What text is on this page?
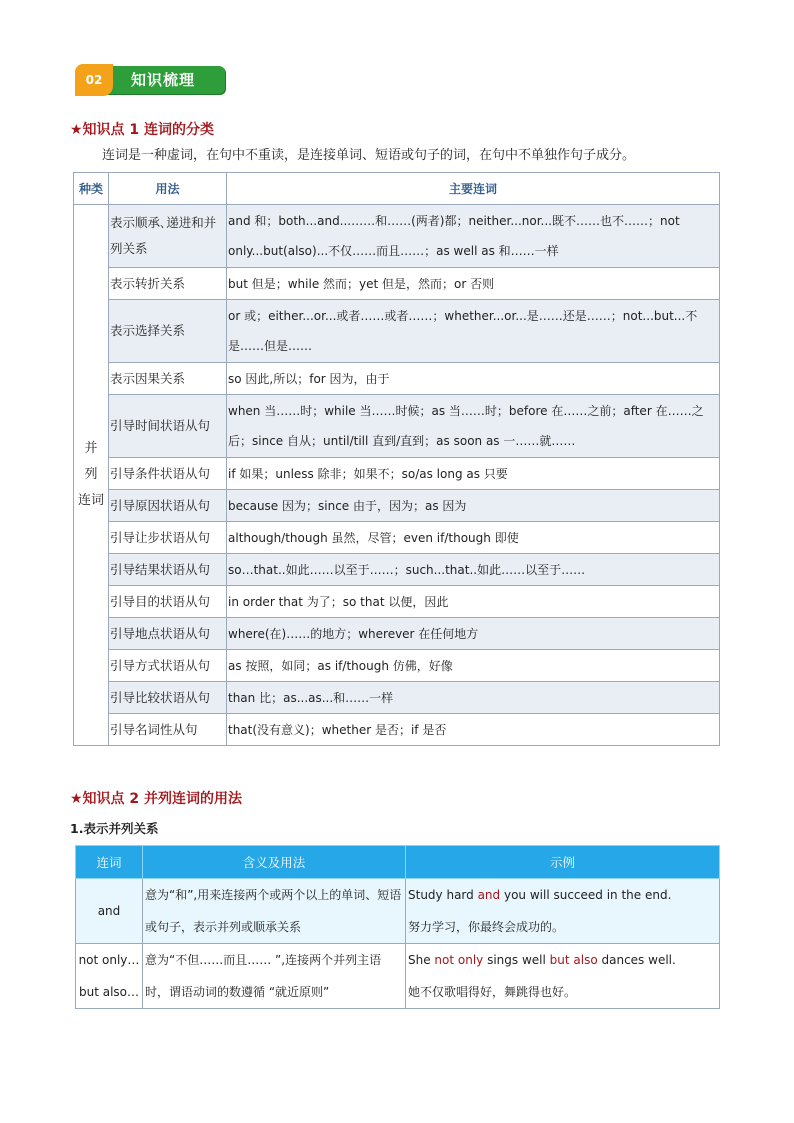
02	知识梳理
★知识点 1 连词的分类
连词是一种虚词，在句中不重读，是连接单词、短语或句子的词，在句中不单独作句子成分。
种类	用法	主要连词

并 列
连词	表示顺承､递进和并列关系	and 和；both...and...……和……(两者)都；neither...nor...既不……也不……；not only...but(also)...不仅……而且……；as well as 和……一样
	表示转折关系	but 但是；while 然而；yet 但是，然而；or 否则
	表示选择关系	or 或；either...or...或者……或者……；whether...or...是……还是……；not...but...不是……但是……
	表示因果关系	so 因此,所以；for 因为，由于
	引导时间状语从句	when 当……时；while 当……时候；as 当……时；before 在……之前；after 在……之后；since 自从；until/till 直到/直到；as soon as 一……就……
	引导条件状语从句	if 如果；unless 除非；如果不；so/as long as 只要
	引导原因状语从句	because 因为；since 由于，因为；as 因为
	引导让步状语从句	although/though 虽然，尽管；even if/though 即使
	引导结果状语从句	so…that..如此……以至于……；such...that..如此……以至于……
	引导目的状语从句	in order that 为了；so that 以便，因此
	引导地点状语从句	where(在)……的地方；wherever 在任何地方
	引导方式状语从句	as 按照，如同；as if/though 仿佛，好像
	引导比较状语从句	than 比；as...as...和……一样
	引导名词性从句	that(没有意义)；whether 是否；if 是否
★知识点 2 并列连词的用法
1.表示并列关系
连词	含义及用法	示例
and	意为“和”,用来连接两个或两个以上的单词、短语或句子，表示并列或顺承关系	Study hard and you will succeed in the end.
努力学习，你最终会成功的。

not only… but also…	意为“不但……而且…… ”,连接两个并列主语时，谓语动词的数遵循 “就近原则”	She not only sings well but also dances well.
她不仅歌唱得好，舞跳得也好。
